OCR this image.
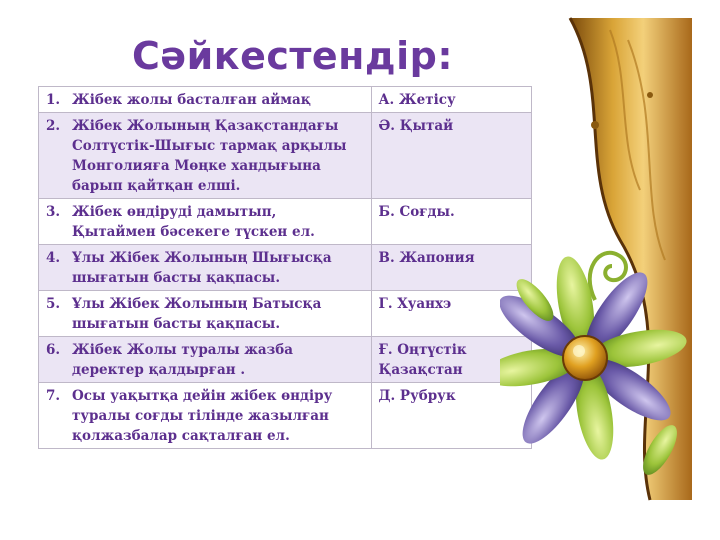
Сәйкестендір:
1. Жібек жолы басталған аймақ	А. Жетісу

2. Жібек Жолының Қазақстандағы Солтүстік-Шығыс тармақ арқылы Монголияға Мөңке хандығына барып қайтқан елші.	Ә. Қытай

3. Жібек өндіруді дамытып, Қытаймен бәсекеге түскен ел.	Б. Соғды.

4. Ұлы Жібек Жолының Шығысқа шығатын басты қақпасы.	В. Жапония

5. Ұлы Жібек Жолының Батысқа шығатын басты қақпасы.	Г. Хуанхэ

6. Жібек Жолы туралы жазба деректер қалдырған .	Ғ. Оңтүстік Қазақстан

7. Осы уақытқа дейін жібек өндіру туралы соғды тілінде жазылған қолжазбалар сақталған ел.	Д. Рубрук
